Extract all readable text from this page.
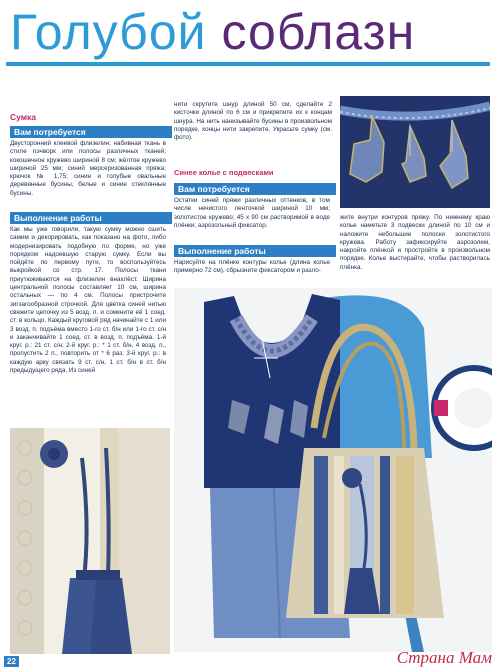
Голубой соблазн
Сумка
Вам потребуется
Двусторонний клеевой флизелин; набивная ткань в стиле пэчворк или полосы различных тканей; кокошечное кружево шириной 8 см; жёлтое кружево шириной 25 мм; синий мерсеризованная пряжа; крючок № 1,75; синие и голубые овальные деревянные бусины, белые и синие стеклянные бусины.
Выполнение работы
Как мы уже говорили, такую сумку можно сшить самим и декорировать, как показано на фото, либо модернизировать подобную по форме, но уже порядком надоевшую старую сумку. Если вы пойдёте по первому пути, то воспользуйтесь выкройкой со стр. 17. Полосы ткани приутюживаются на флизелин внахлёст. Ширина центральной полосы составляет 10 см, ширина остальных — по 4 см. Полосы пристрочите зигзагообразной строчкой. Для цветка синей нитью свяжите цепочку из 5 возд. п. и сомкните её 1 соед. ст. в кольцо. Каждый круговой ряд начинайте с 1 или 3 возд. п. подъёма вместо 1-го ст. б/н или 1-го ст. с/н и заканчивайте 1 соед. ст. в возд. п. подъёма. 1-й круг. р.: 21 ст. с/н; 2-й круг. р.: * 1 ст. б/н, 4 возд. п., пропустить 2 п., повторить от * 6 раз; 3-й круг. р.: в каждую арку связать 9 ст. с/н, 1 ст. б/н в ст. б/н предыдущего ряда. Из синей
нити скрутите шнур длиной 50 см, сделайте 2 кисточки длиной по 6 см и прикрепите их к концам шнура. На нить нанизывайте бусины в произвольном порядке, концы нити закрепите. Украсьте сумку (см. фото).
Синее колье с подвесками
Вам потребуется
Остатки синей пряжи различных оттенков, в том числе нечистого ленточкой шириной 10 мм; золотистое кружево; 45 х 90 см растворимой в воде плёнки; аэрозольный фиксатор.
Выполнение работы
Нарисуйте на плёнке контуры колье (длина колье примерно 72 см), сбрызните фиксатором и разло-
жите внутри контуров пряжу. По нижнему краю колье наметьте 3 подвески длиной по 10 см и наложите небольшие полоски золотистого кружева. Работу зафиксируйте аэрозолем, накройте плёнкой и простройте в произвольном порядке. Колье выстирайте, чтобы растворилась плёнка.
22	Страна Мам
